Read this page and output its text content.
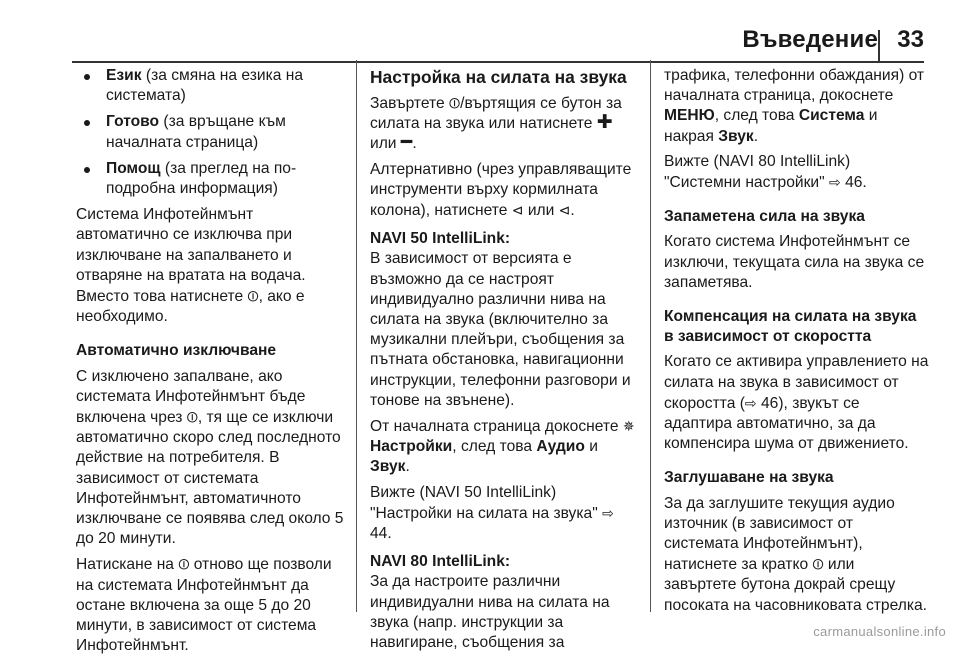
Въведение 33
Език (за смяна на езика на системата)
Готово (за връщане към началната страница)
Помощ (за преглед на по-подробна информация)

Система Инфотейнмънт автоматично се изключва при изключване на запалването и отваряне на вратата на водача. Вместо това натиснете ⏼, ако е необходимо.

Автоматично изключване

С изключено запалване, ако системата Инфотейнмънт бъде включена чрез ⏼, тя ще се изключи автоматично скоро след последното действие на потребителя. В зависимост от системата Инфотейнмънт, автоматичното изключване се появява след около 5 до 20 минути.

Натискане на ⏼ отново ще позволи на системата Инфотейнмънт да остане включена за още 5 до 20 минути, в зависимост от система Инфотейнмънт.

Настройка на силата на звука

Завъртете ⏼/въртящия се бутон за силата на звука или натиснете ✚ или ━.

Алтернативно (чрез управляващите инструменти върху кормилната колона), натиснете ⊲ или ⊲.

NAVI 50 IntelliLink:

В зависимост от версията е възможно да се настроят индивидуално различни нива на силата на звука (включително за музикални плейъри, съобщения за пътната обстановка, навигационни инструкции, телефонни разговори и тонове на звънене).

От началната страница докоснете ✵Настройки, след това Аудио и Звук.

Вижте (NAVI 50 IntelliLink) "Настройки на силата на звука" ⇨ 44.

NAVI 80 IntelliLink:

За да настроите различни индивидуални нива на силата на звука (напр. инструкции за навигиране, съобщения за

трафика, телефонни обаждания) от началната страница, докоснете МЕНЮ, след това Система и накрая Звук.

Вижте (NAVI 80 IntelliLink) "Системни настройки" ⇨ 46.

Запаметена сила на звука

Когато система Инфотейнмънт се изключи, текущата сила на звука се запаметява.

Компенсация на силата на звука в зависимост от скоростта

Когато се активира управлението на силата на звука в зависимост от скоростта (⇨ 46), звукът се адаптира автоматично, за да компенсира шума от движението.

Заглушаване на звука

За да заглушите текущия аудио източник (в зависимост от системата Инфотейнмънт), натиснете за кратко ⏼ или завъртете бутона докрай срещу посоката на часовниковата стрелка.

carmanualsonline.info
